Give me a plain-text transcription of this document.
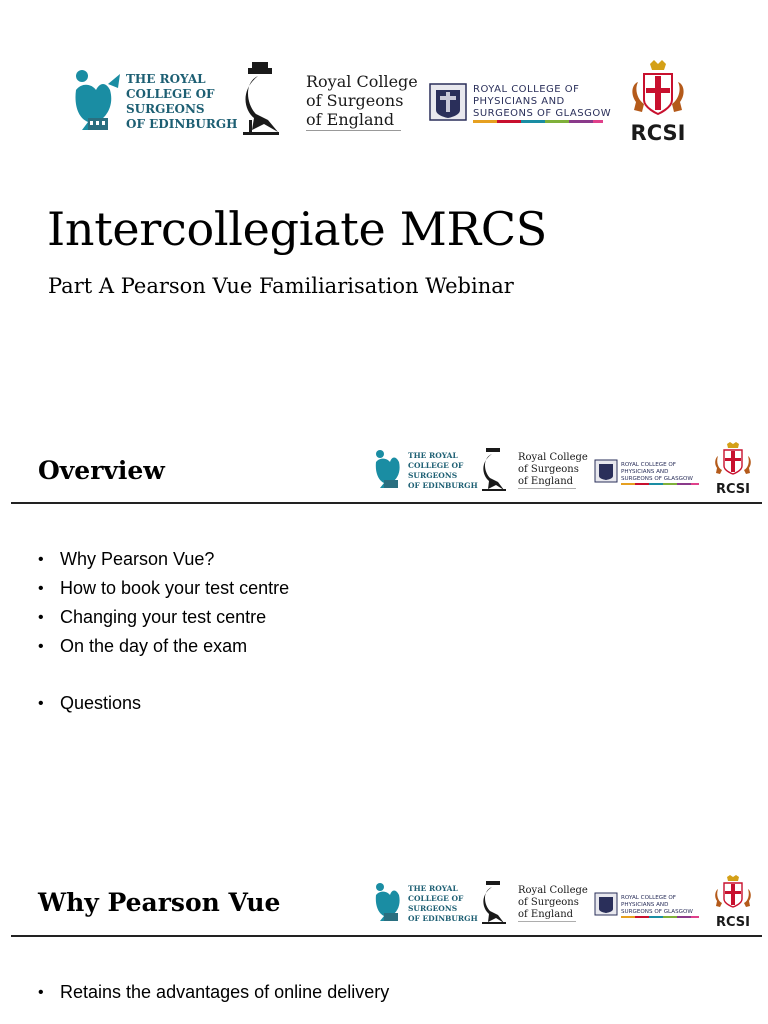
THE ROYAL COLLEGE OF SURGEONS OF EDINBURGH
Royal College of Surgeons of England
ROYAL COLLEGE OF PHYSICIANS AND SURGEONS OF GLASGOW
RCSI
Intercollegiate MRCS

Part A Pearson Vue Familiarisation Webinar

Overview
THE ROYAL COLLEGE OF SURGEONS OF EDINBURGH
Royal College of Surgeons of England
ROYAL COLLEGE OF PHYSICIANS AND SURGEONS OF GLASGOW
RCSI
• Why Pearson Vue?
• How to book your test centre
• Changing your test centre
• On the day of the exam
• Questions
Why Pearson Vue	THE ROYAL COLLEGE OF SURGEONS OF EDINBURGH
Royal College of Surgeons of England
ROYAL COLLEGE OF PHYSICIANS AND SURGEONS OF GLASGOW
RCSI
• Retains the advantages of online delivery
